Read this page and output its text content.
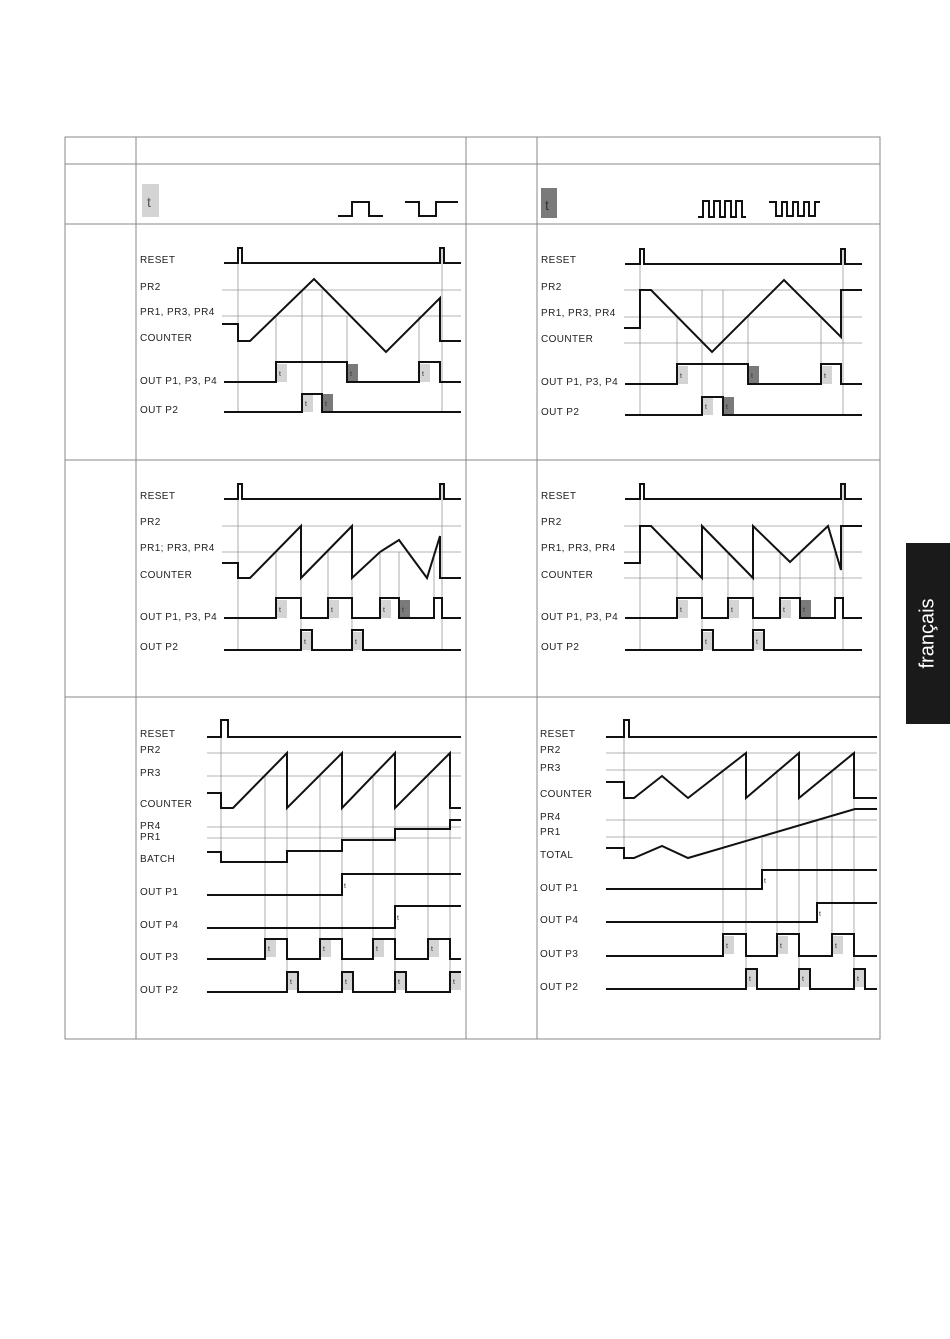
t	t
RESET
PR2
PR1, PR3, PR4
COUNTER
OUT P1, P3, P4
OUT P2
t	t	t
t	t
RESET
PR2
PR1, PR3, PR4
COUNTER
OUT P1, P3, P4
OUT P2
t	t	t
t	t
RESET
PR2
PR1; PR3, PR4
COUNTER
OUT P1, P3, P4
OUT P2
t	t	t t
t	t
RESET
PR2
PR1, PR3, PR4
COUNTER
OUT P1, P3, P4
OUT P2
t	t	t	t
t	t
RESET
PR2
PR3
COUNTER
PR4
PR1
BATCH
OUT P1
OUT P4
OUT P3
OUT P2
t	t	t	t
t	t	t	t
t
t
RESET
PR2
PR3
COUNTER
PR4
PR1
TOTAL
OUT P1
OUT P4
OUT P3
OUT P2
t	t	t
t	t	t
t
t
français
